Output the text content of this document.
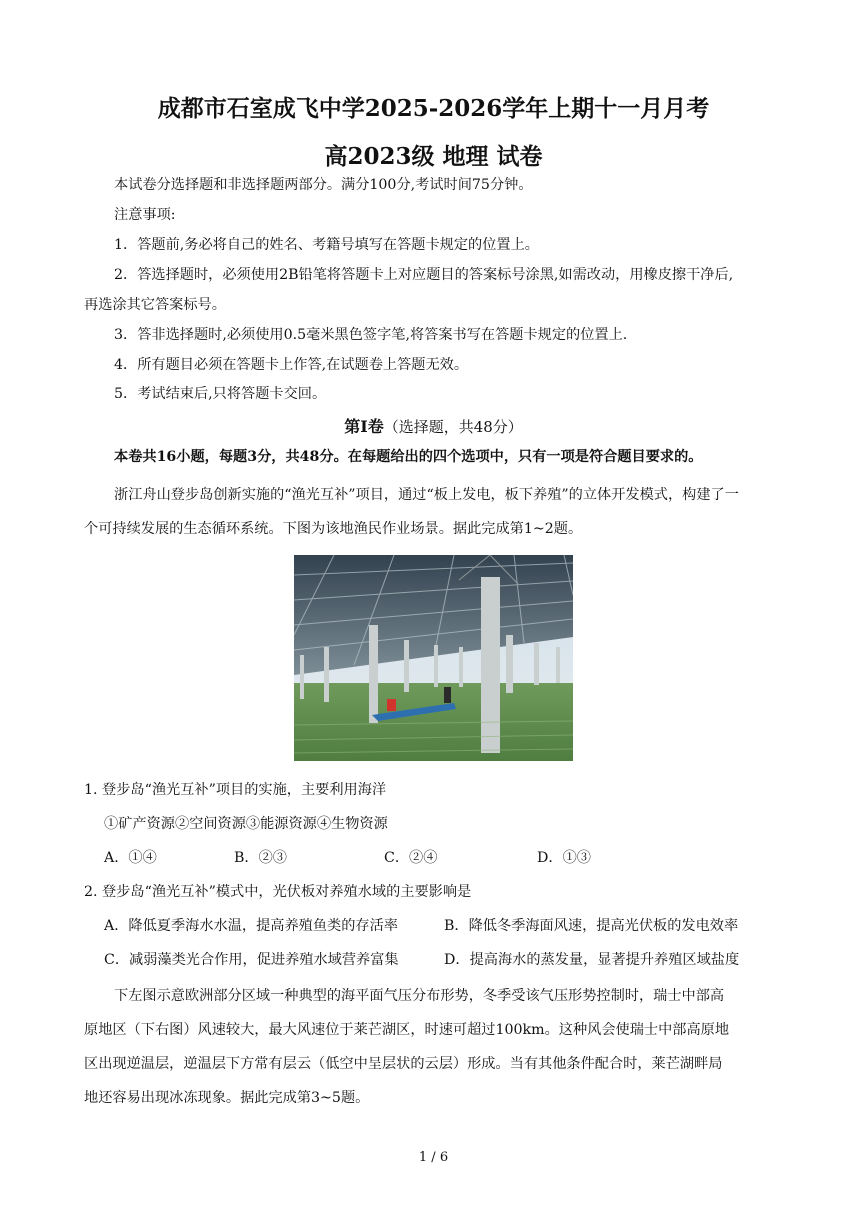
成都市石室成飞中学2025-2026学年上期十一月月考
高2023级 地理 试卷
本试卷分选择题和非选择题两部分。满分100分,考试时间75分钟。
注意事项:
1．答题前,务必将自己的姓名、考籍号填写在答题卡规定的位置上。
2．答选择题时，必须使用2B铅笔将答题卡上对应题目的答案标号涂黑,如需改动，用橡皮擦干净后,
再选涂其它答案标号。
3．答非选择题时,必须使用0.5毫米黑色签字笔,将答案书写在答题卡规定的位置上.
4．所有题目必须在答题卡上作答,在试题卷上答题无效。
5．考试结束后,只将答题卡交回。
第Ⅰ卷（选择题，共48分）
本卷共16小题，每题3分，共48分。在每题给出的四个选项中，只有一项是符合题目要求的。
浙江舟山登步岛创新实施的“渔光互补”项目，通过“板上发电，板下养殖”的立体开发模式，构建了一
个可持续发展的生态循环系统。下图为该地渔民作业场景。据此完成第1~2题。
1. 登步岛“渔光互补”项目的实施，主要利用海洋
①矿产资源②空间资源③能源资源④生物资源
A．①④	B．②③	C．②④	D．①③
2. 登步岛“渔光互补”模式中，光伏板对养殖水域的主要影响是
A．降低夏季海水水温，提高养殖鱼类的存活率	B．降低冬季海面风速，提高光伏板的发电效率
C．减弱藻类光合作用，促进养殖水域营养富集	D．提高海水的蒸发量，显著提升养殖区域盐度
下左图示意欧洲部分区域一种典型的海平面气压分布形势，冬季受该气压形势控制时，瑞士中部高
原地区（下右图）风速较大，最大风速位于莱芒湖区，时速可超过100km。这种风会使瑞士中部高原地
区出现逆温层，逆温层下方常有层云（低空中呈层状的云层）形成。当有其他条件配合时，莱芒湖畔局
地还容易出现冰冻现象。据此完成第3~5题。
1 / 6
